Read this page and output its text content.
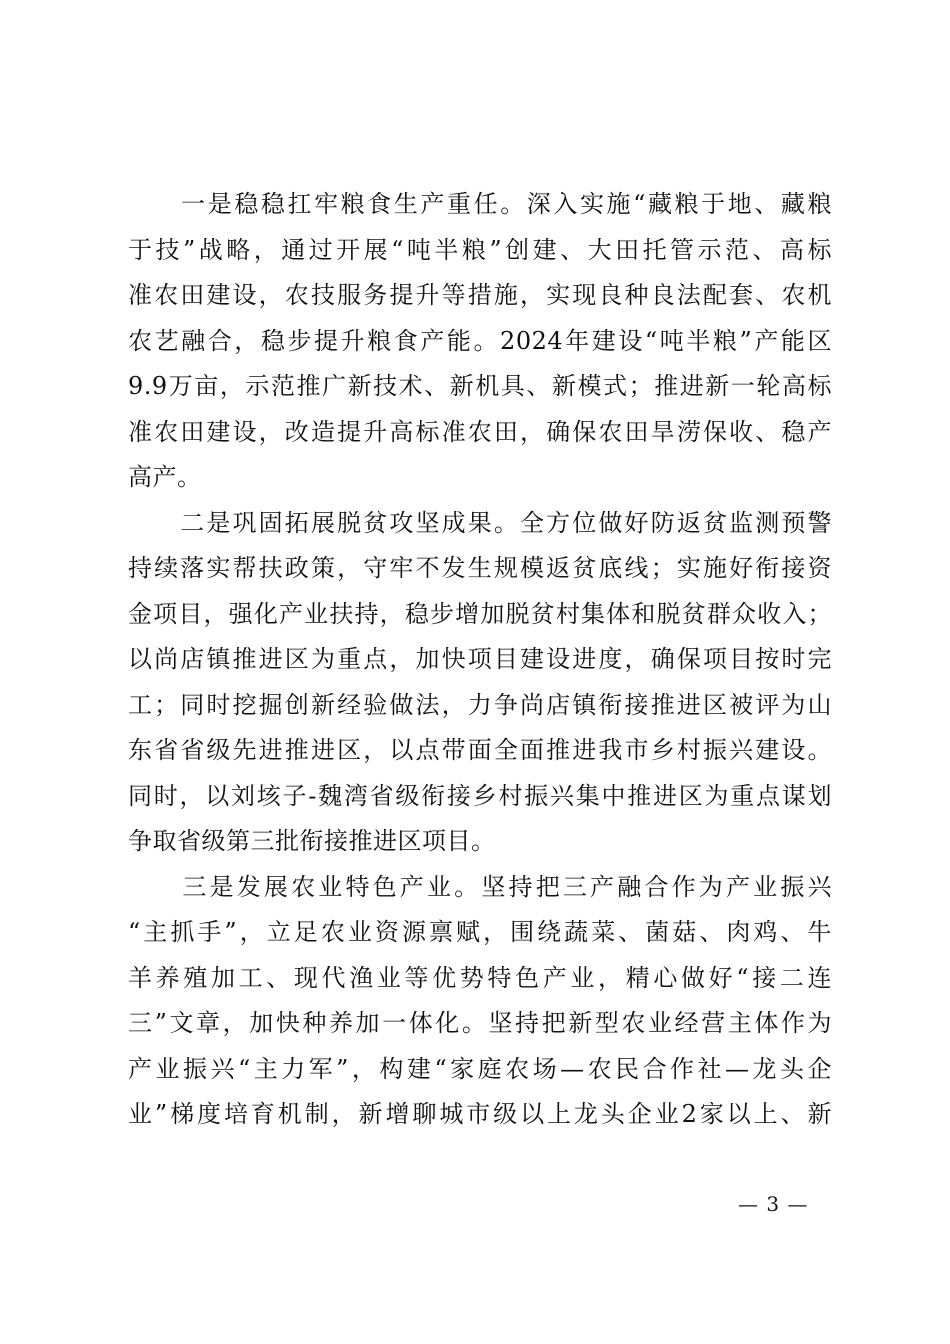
　　一是稳稳扛牢粮食生产重任。深入实施“藏粮于地、藏粮
于技”战略，通过开展“吨半粮”创建、大田托管示范、高标
准农田建设，农技服务提升等措施，实现良种良法配套、农机
农艺融合，稳步提升粮食产能。2024年建设“吨半粮”产能区
9.9万亩，示范推广新技术、新机具、新模式；推进新一轮高标
准农田建设，改造提升高标准农田，确保农田旱涝保收、稳产
高产。
　　二是巩固拓展脱贫攻坚成果。全方位做好防返贫监测预警
持续落实帮扶政策，守牢不发生规模返贫底线；实施好衔接资
金项目，强化产业扶持，稳步增加脱贫村集体和脱贫群众收入；
以尚店镇推进区为重点，加快项目建设进度，确保项目按时完
工；同时挖掘创新经验做法，力争尚店镇衔接推进区被评为山
东省省级先进推进区，以点带面全面推进我市乡村振兴建设。
同时，以刘垓子-魏湾省级衔接乡村振兴集中推进区为重点谋划
争取省级第三批衔接推进区项目。
　　三是发展农业特色产业。坚持把三产融合作为产业振兴
“主抓手”，立足农业资源禀赋，围绕蔬菜、菌菇、肉鸡、牛
羊养殖加工、现代渔业等优势特色产业，精心做好“接二连
三”文章，加快种养加一体化。坚持把新型农业经营主体作为
产业振兴“主力军”，构建“家庭农场—农民合作社—龙头企
业”梯度培育机制，新增聊城市级以上龙头企业2家以上、新
— 3 —
